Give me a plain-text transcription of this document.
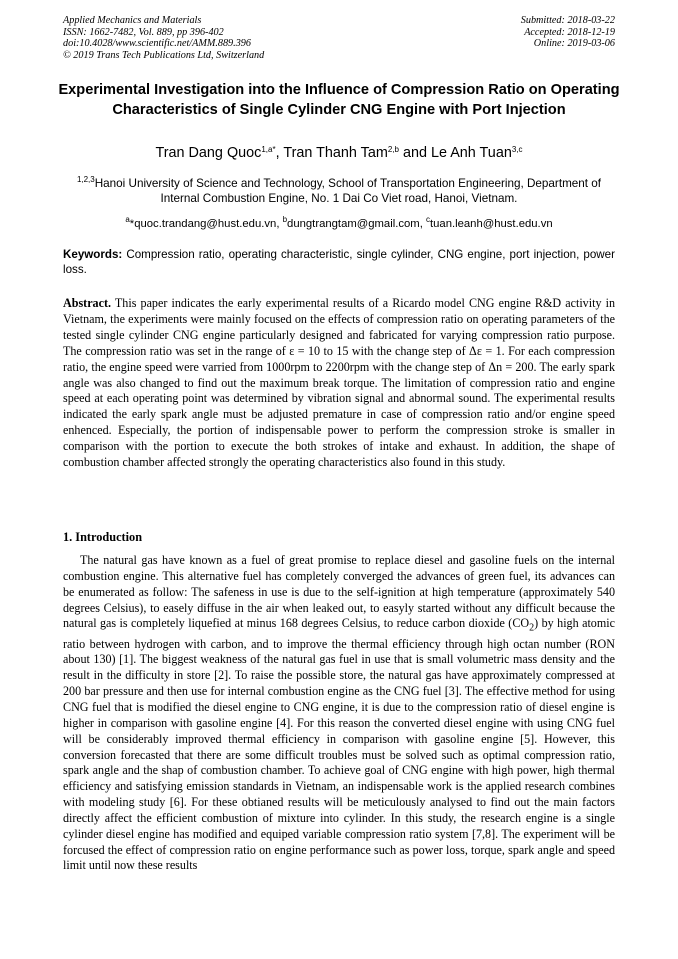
Applied Mechanics and Materials
ISSN: 1662-7482, Vol. 889, pp 396-402
doi:10.4028/www.scientific.net/AMM.889.396
© 2019 Trans Tech Publications Ltd, Switzerland
Submitted: 2018-03-22
Accepted: 2018-12-19
Online: 2019-03-06
Experimental Investigation into the Influence of Compression Ratio on Operating Characteristics of Single Cylinder CNG Engine with Port Injection
Tran Dang Quoc$^{1,a*}$, Tran Thanh Tam$^{2,b}$ and Le Anh Tuan$^{3,c}$
$^{1,2,3}$Hanoi University of Science and Technology, School of Transportation Engineering, Department of Internal Combustion Engine, No. 1 Dai Co Viet road, Hanoi, Vietnam.
$^a$*quoc.trandang@hust.edu.vn, $^b$dungtrangtam@gmail.com, $^c$tuan.leanh@hust.edu.vn
Keywords: Compression ratio, operating characteristic, single cylinder, CNG engine, port injection, power loss.
Abstract. This paper indicates the early experimental results of a Ricardo model CNG engine R&D activity in Vietnam, the experiments were mainly focused on the effects of compression ratio on operating parameters of the tested single cylinder CNG engine particularly designed and fabricated for varying compression ratio purpose. The compression ratio was set in the range of ε = 10 to 15 with the change step of Δε = 1. For each compression ratio, the engine speed were varried from 1000rpm to 2200rpm with the change step of Δn = 200. The early spark angle was also changed to find out the maximum break torque. The limitation of compression ratio and engine speed at each operating point was determined by vibration signal and abnormal sound. The experimental results indicated the early spark angle must be adjusted premature in case of compression ratio and/or engine speed enhenced. Especially, the portion of indispensable power to perform the compression stroke is smaller in comparison with the portion to execute the both strokes of intake and exhaust. In addition, the shape of combustion chamber affected strongly the operating characteristics also found in this study.
1. Introduction
The natural gas have known as a fuel of great promise to replace diesel and gasoline fuels on the internal combustion engine. This alternative fuel has completely converged the advances of green fuel, its advances can be enumerated as follow: The safeness in use is due to the self-ignition at high temperature (approximately 540 degrees Celsius), to easely diffuse in the air when leaked out, to easyly started without any difficult because the natural gas is completely liquefied at minus 168 degrees Celsius, to reduce carbon dioxide $(CO_2)$ by high atomic ratio between hydrogen with carbon, and to improve the thermal efficiency through high octan number (RON about 130) [1]. The biggest weakness of the natural gas fuel in use that is small volumetric mass density and the result in the difficulty in store [2]. To raise the possible store, the natural gas have approximately compressed at 200 bar pressure and then use for internal combustion engine as the CNG fuel [3]. The effective method for using CNG fuel that is modified the diesel engine to CNG engine, it is due to the compression ratio of diesel engine is higher in comparison with gasoline engine [4]. For this reason the converted diesel engine with using CNG fuel will be considerably improved thermal efficiency in comparison with gasoline engine [5]. However, this conversion forecasted that there are some difficult troubles must be solved such as optimal compression ratio, spark angle and the shap of combustion chamber. To achieve goal of CNG engine with high power, high thermal efficiency and satisfying emission standards in Vietnam, an indispensable work is the applied research combines with modeling study [6]. For these obtianed results will be meticulously analysed to find out the main factors directly affect the efficient combustion of mixture into cylinder. In this study, the research engine is a single cylinder diesel engine has modified and equiped variable compression ratio system [7,8]. The experiment will be forcused the effect of compression ratio on engine performance such as power loss, torque, spark angle and speed limit until now these results
